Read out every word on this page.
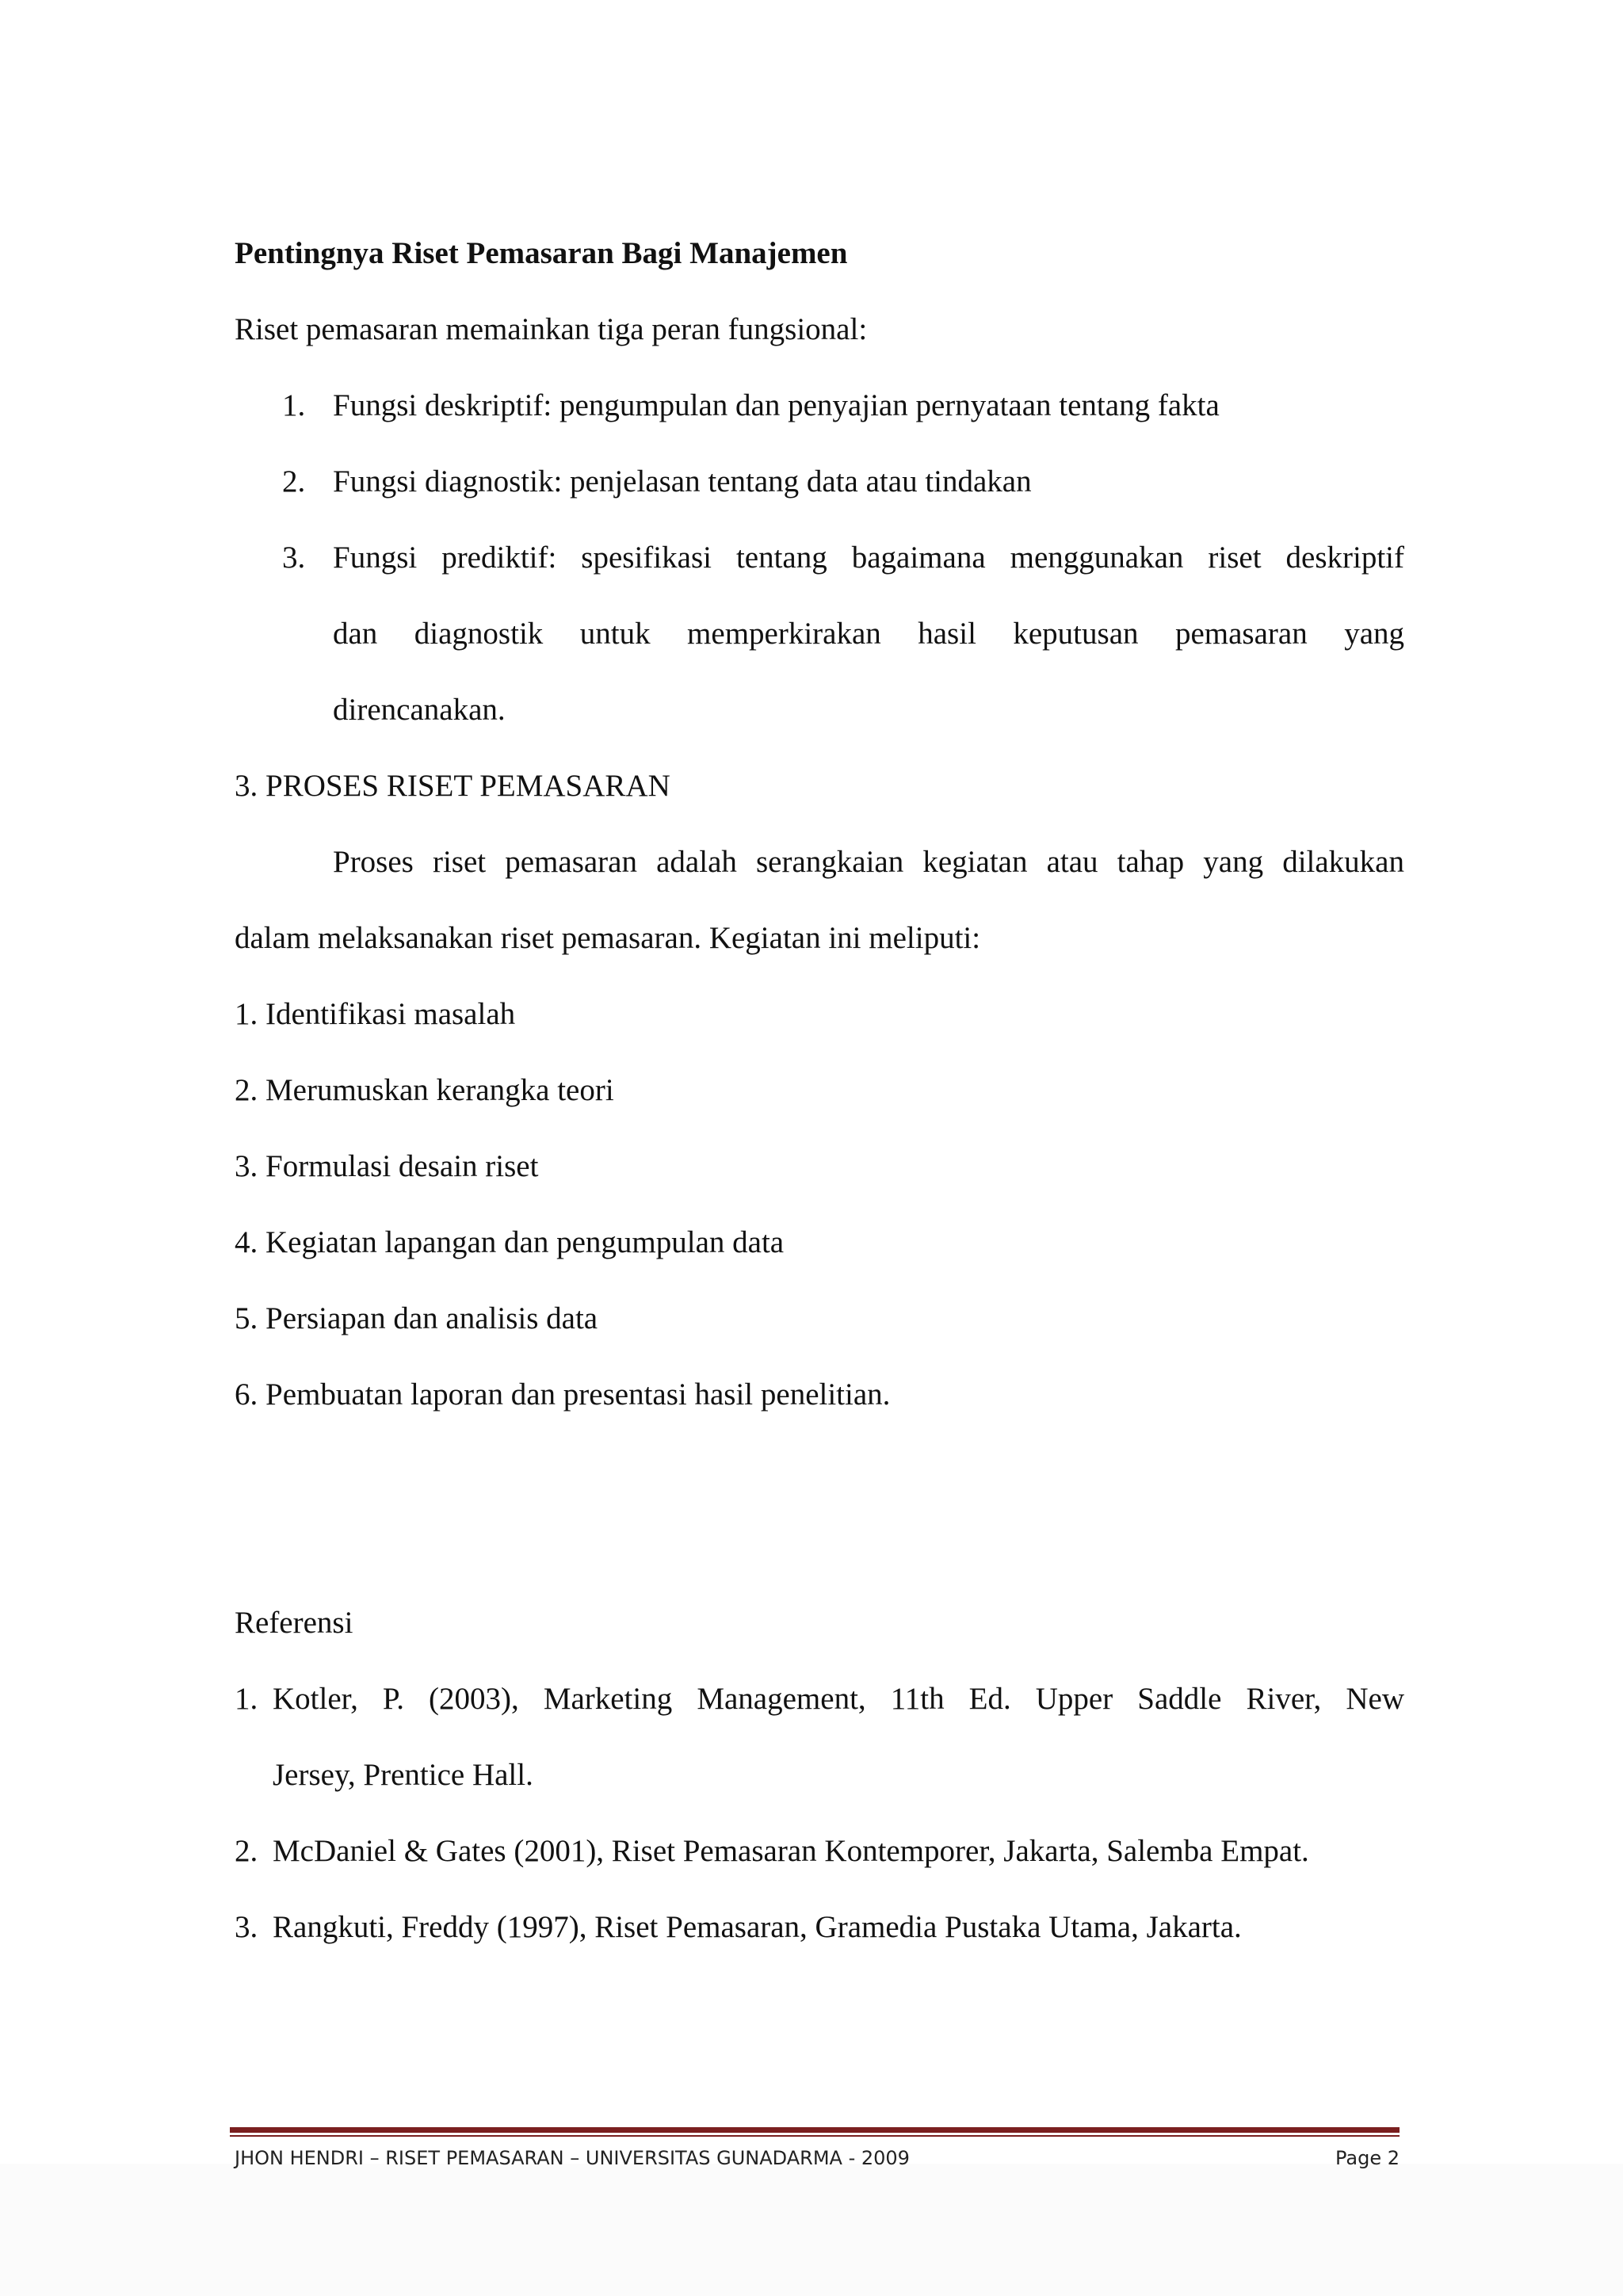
Pentingnya Riset Pemasaran Bagi Manajemen
Riset pemasaran memainkan tiga peran fungsional:
1. Fungsi deskriptif: pengumpulan dan penyajian pernyataan tentang fakta
2. Fungsi diagnostik: penjelasan tentang data atau tindakan
3. Fungsi prediktif: spesifikasi tentang bagaimana menggunakan riset deskriptif
dan diagnostik untuk memperkirakan hasil keputusan pemasaran yang
direncanakan.
3. PROSES RISET PEMASARAN
Proses riset pemasaran adalah serangkaian kegiatan atau tahap yang dilakukan
dalam melaksanakan riset pemasaran. Kegiatan ini meliputi:
1. Identifikasi masalah
2. Merumuskan kerangka teori
3. Formulasi desain riset
4. Kegiatan lapangan dan pengumpulan data
5. Persiapan dan analisis data
6. Pembuatan laporan dan presentasi hasil penelitian.
Referensi
1. Kotler, P. (2003), Marketing Management, 11th Ed. Upper Saddle River, New
Jersey, Prentice Hall.
2. McDaniel & Gates (2001), Riset Pemasaran Kontemporer, Jakarta, Salemba Empat.
3. Rangkuti, Freddy (1997), Riset Pemasaran, Gramedia Pustaka Utama, Jakarta.
JHON HENDRI – RISET PEMASARAN – UNIVERSITAS GUNADARMA - 2009	Page 2
